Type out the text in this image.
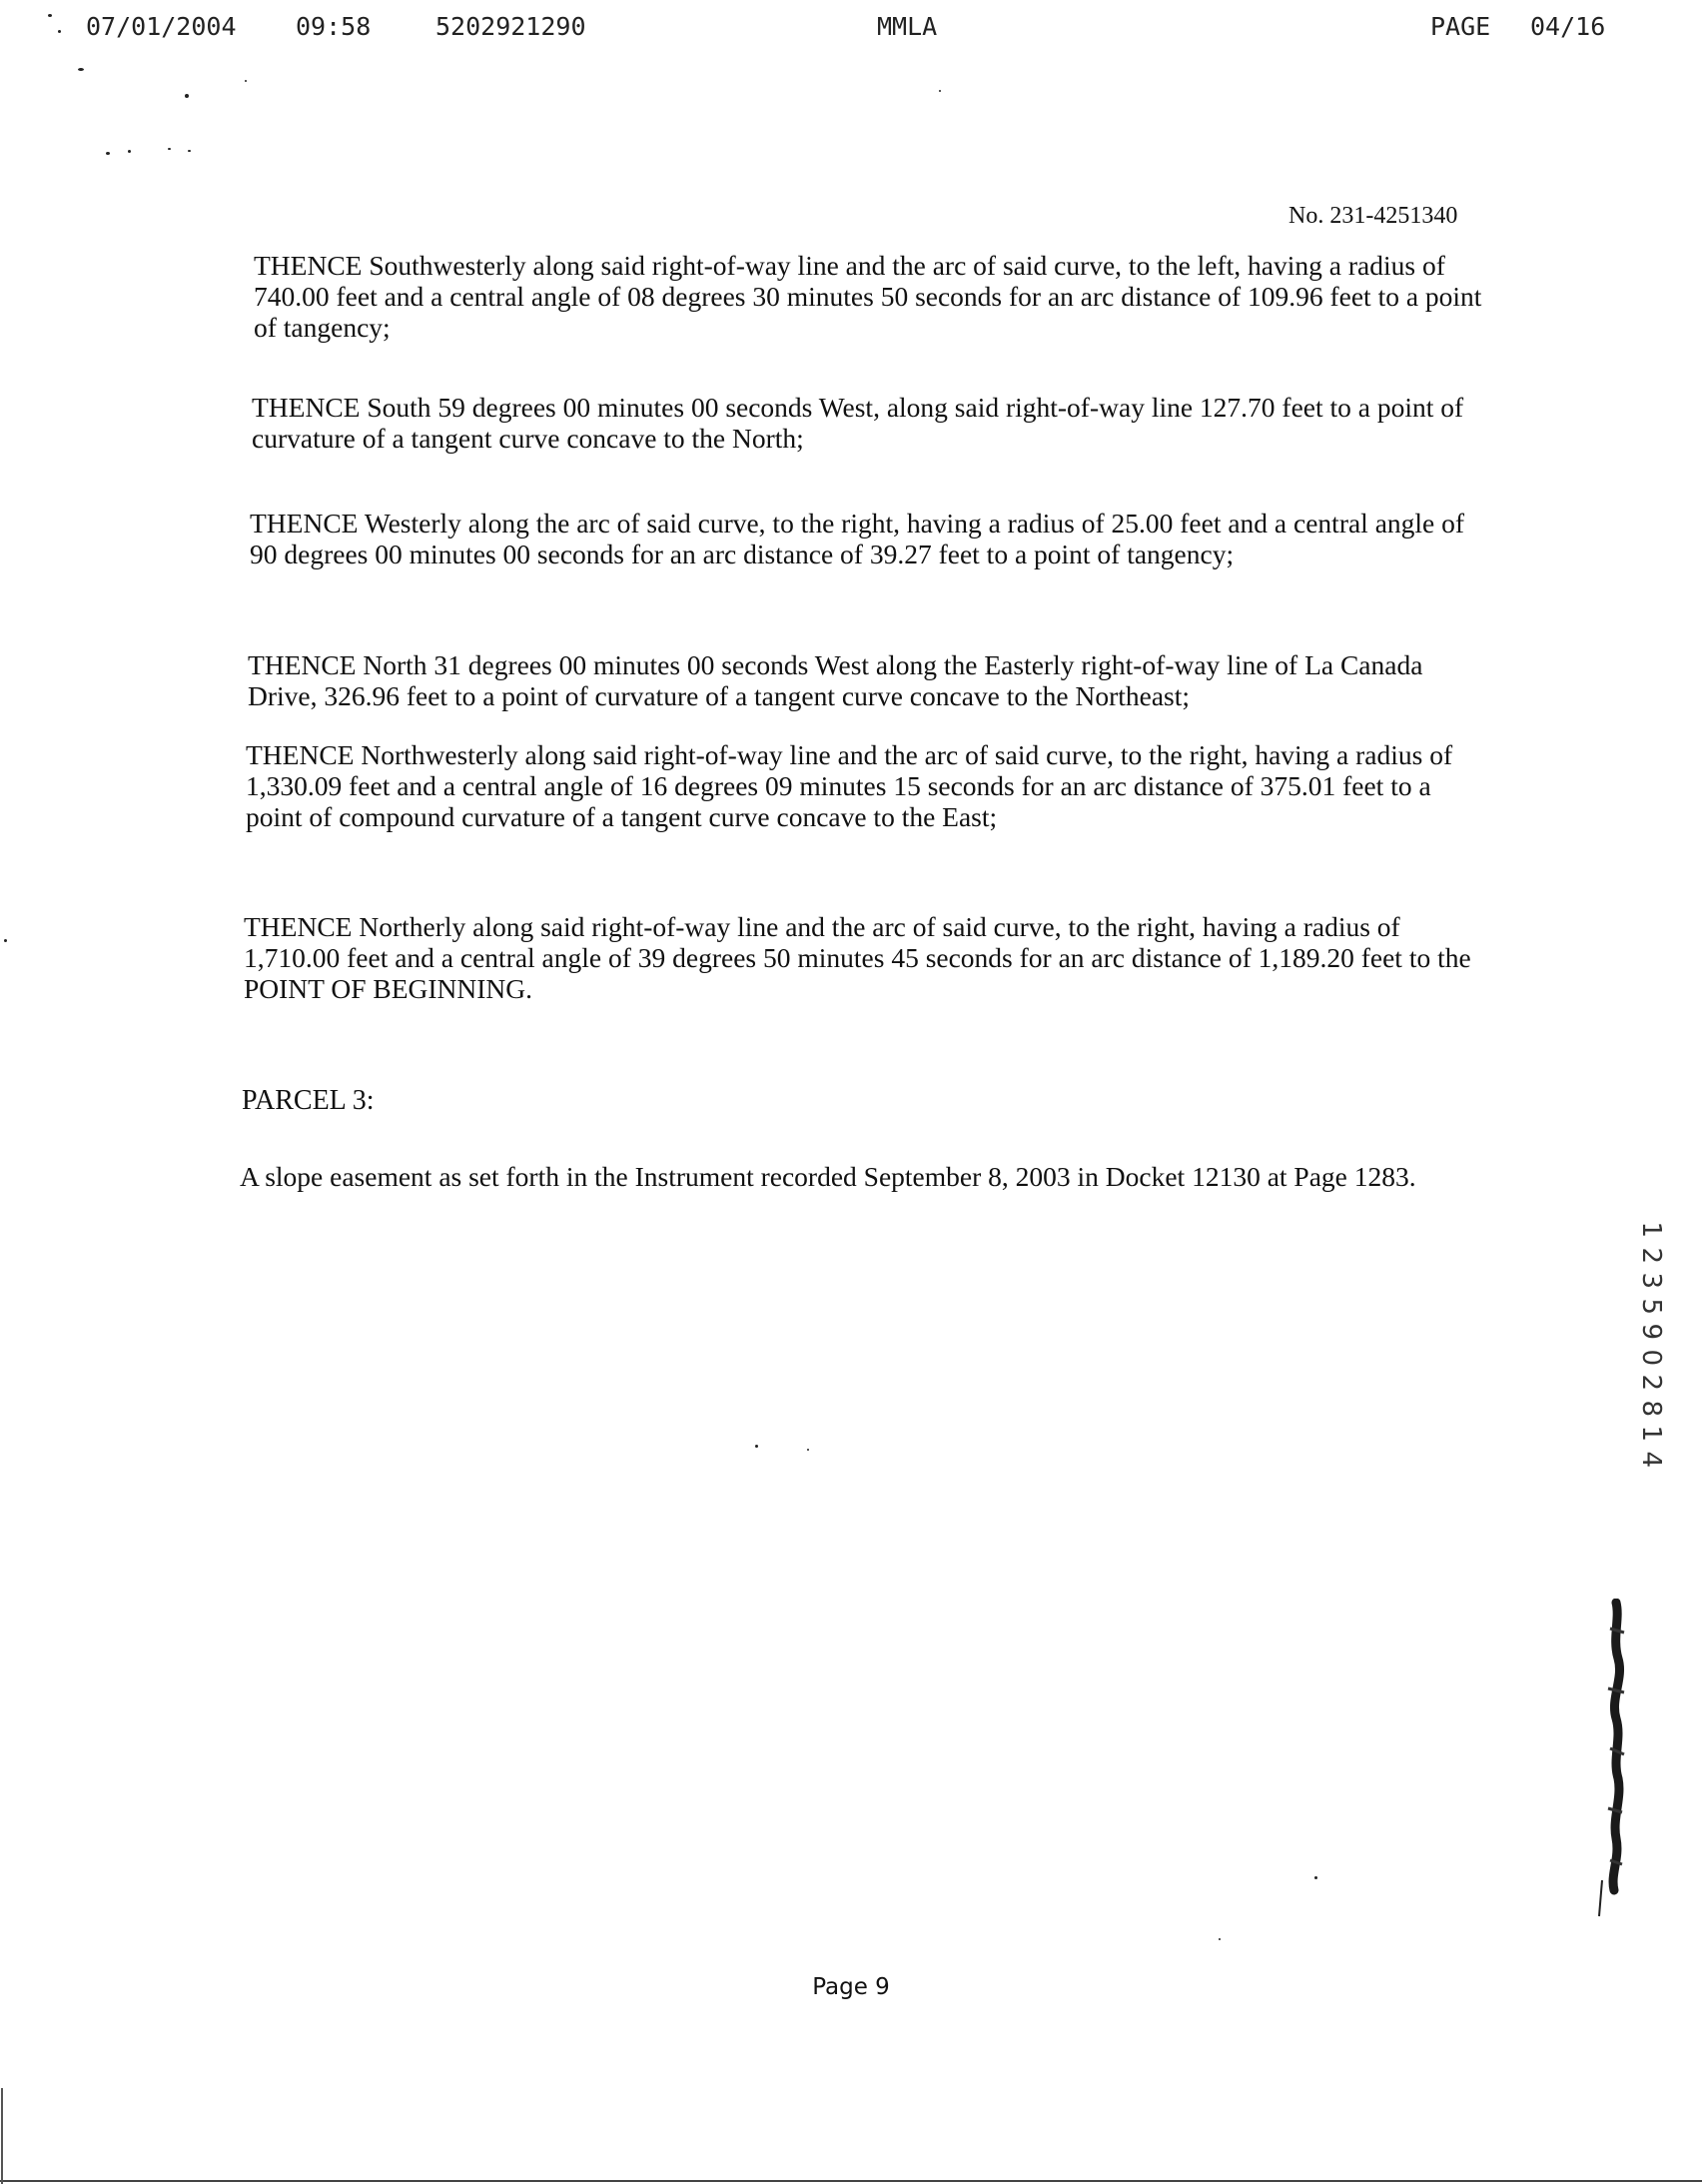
07/01/2004 09:58	5202921290	MMLA	PAGE 04/16
No. 231-4251340

THENCE Southwesterly along said right-of-way line and the arc of said curve, to the left, having a radius of 740.00 feet and a central angle of 08 degrees 30 minutes 50 seconds for an arc distance of 109.96 feet to a point of tangency;

THENCE South 59 degrees 00 minutes 00 seconds West, along said right-of-way line 127.70 feet to a point of curvature of a tangent curve concave to the North;

THENCE Westerly along the arc of said curve, to the right, having a radius of 25.00 feet and a central angle of 90 degrees 00 minutes 00 seconds for an arc distance of 39.27 feet to a point of tangency;

THENCE North 31 degrees 00 minutes 00 seconds West along the Easterly right-of-way line of La Canada Drive, 326.96 feet to a point of curvature of a tangent curve concave to the Northeast;

THENCE Northwesterly along said right-of-way line and the arc of said curve, to the right, having a radius of 1,330.09 feet and a central angle of 16 degrees 09 minutes 15 seconds for an arc distance of 375.01 feet to a point of compound curvature of a tangent curve concave to the East;

THENCE Northerly along said right-of-way line and the arc of said curve, to the right, having a radius of 1,710.00 feet and a central angle of 39 degrees 50 minutes 45 seconds for an arc distance of 1,189.20 feet to the POINT OF BEGINNING.

A slope easement as set forth in the Instrument recorded September 8, 2003 in Docket 12130 at Page 1283.

PARCEL 3:
1
2
3
5
9
0
2
8
1
4
Page 9
